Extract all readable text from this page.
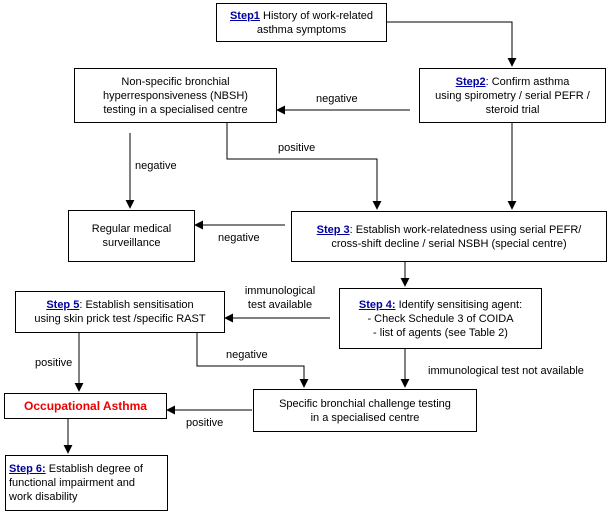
Step1 History of work-related
asthma symptoms
Step2: Confirm asthma
using spirometry / serial PEFR /
steroid trial
Non-specific bronchial
hyperresponsiveness (NBSH)
testing in a specialised centre
Regular medical
surveillance
Step 3: Establish work-relatedness using serial PEFR/
cross-shift decline / serial NSBH (special centre)
Step 4: Identify sensitising agent:
- Check Schedule 3 of COIDA
- list of agents (see Table 2)
Step 5: Establish sensitisation
using skin prick test /specific RAST
Specific bronchial challenge testing
in a specialised centre
Occupational Asthma
Step 6: Establish degree of
functional impairment and
work disability
negative
positive
negative
negative
immunological test available
positive
negative
immunological test not available
positive
